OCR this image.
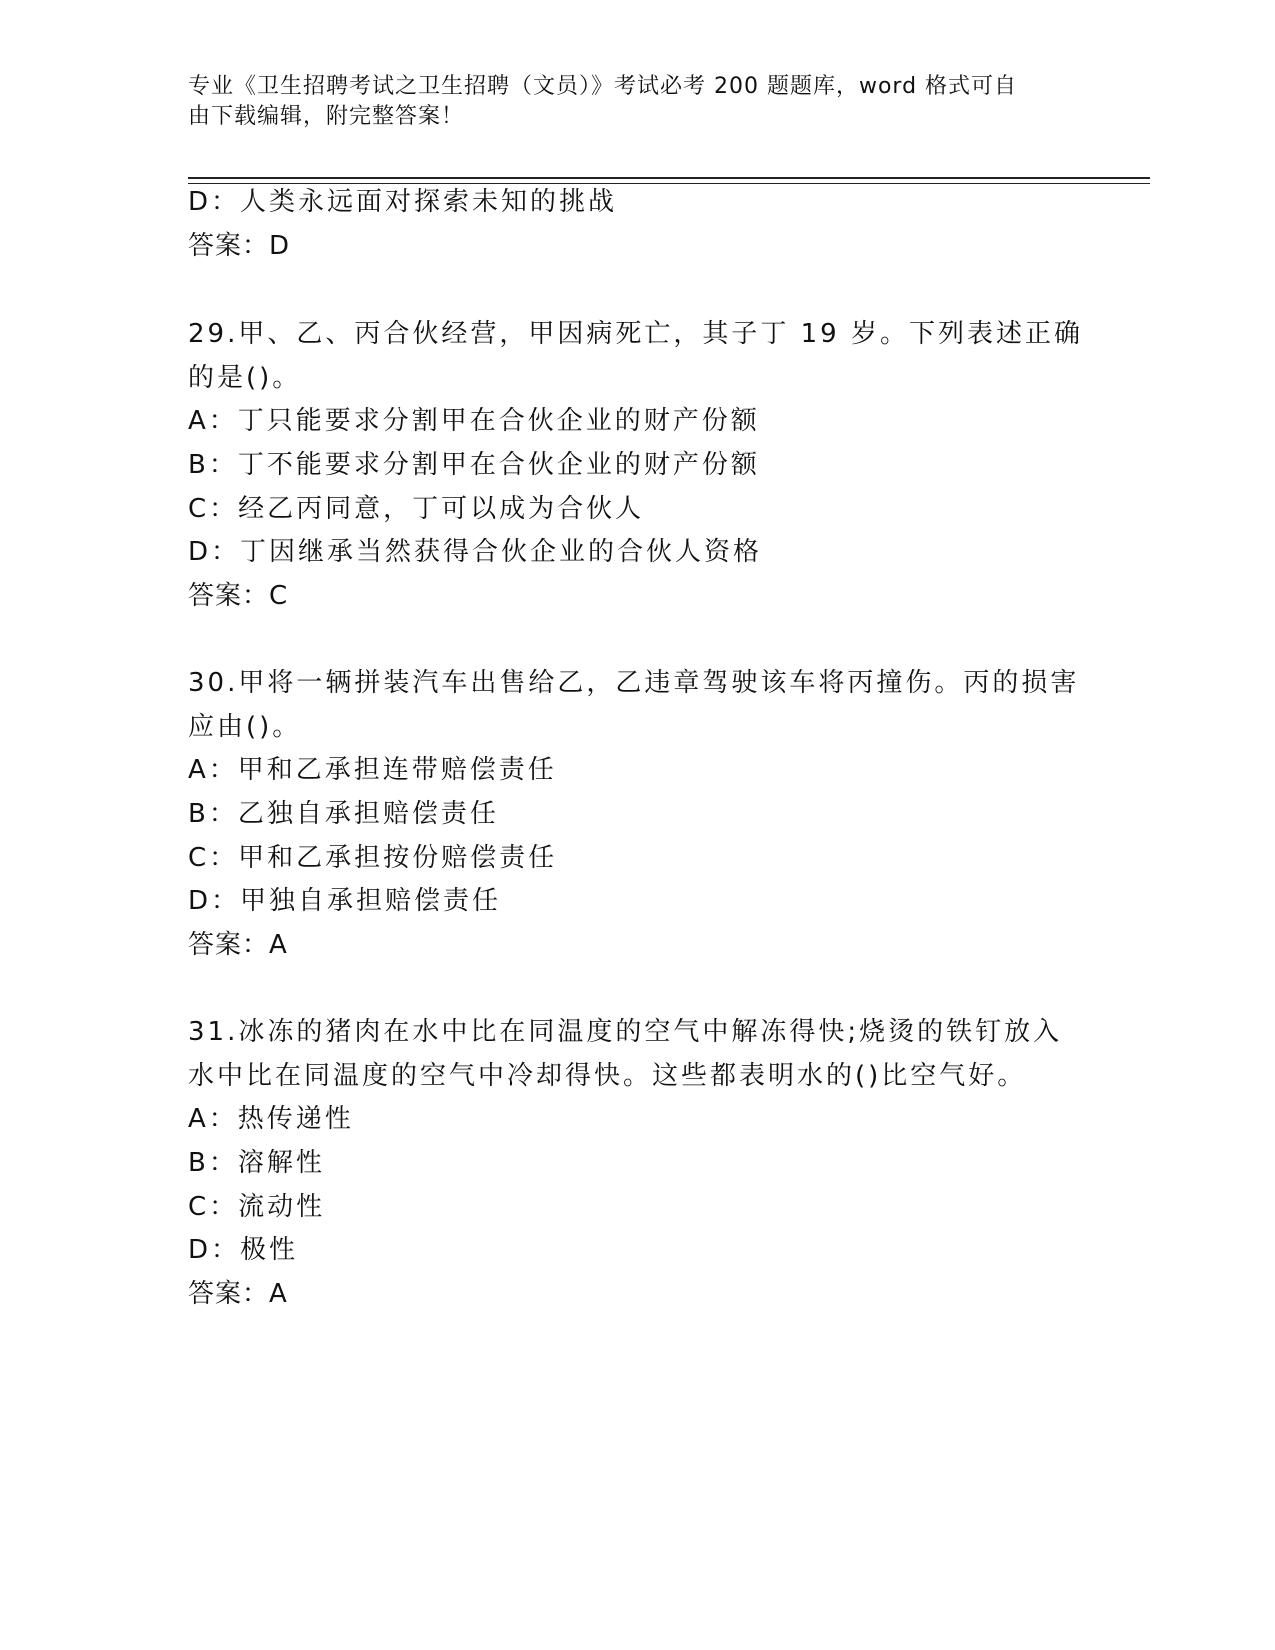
专业《卫生招聘考试之卫生招聘（文员）》考试必考 200 题题库，word 格式可自
由下载编辑，附完整答案！
D：人类永远面对探索未知的挑战
答案：D
29.甲、乙、丙合伙经营，甲因病死亡，其子丁 19 岁。下列表述正确
的是()。
A：丁只能要求分割甲在合伙企业的财产份额
B：丁不能要求分割甲在合伙企业的财产份额
C：经乙丙同意，丁可以成为合伙人
D：丁因继承当然获得合伙企业的合伙人资格
答案：C
30.甲将一辆拼装汽车出售给乙，乙违章驾驶该车将丙撞伤。丙的损害
应由()。
A：甲和乙承担连带赔偿责任
B：乙独自承担赔偿责任
C：甲和乙承担按份赔偿责任
D：甲独自承担赔偿责任
答案：A
31.冰冻的猪肉在水中比在同温度的空气中解冻得快;烧烫的铁钉放入
水中比在同温度的空气中冷却得快。这些都表明水的()比空气好。
A：热传递性
B：溶解性
C：流动性
D：极性
答案：A
